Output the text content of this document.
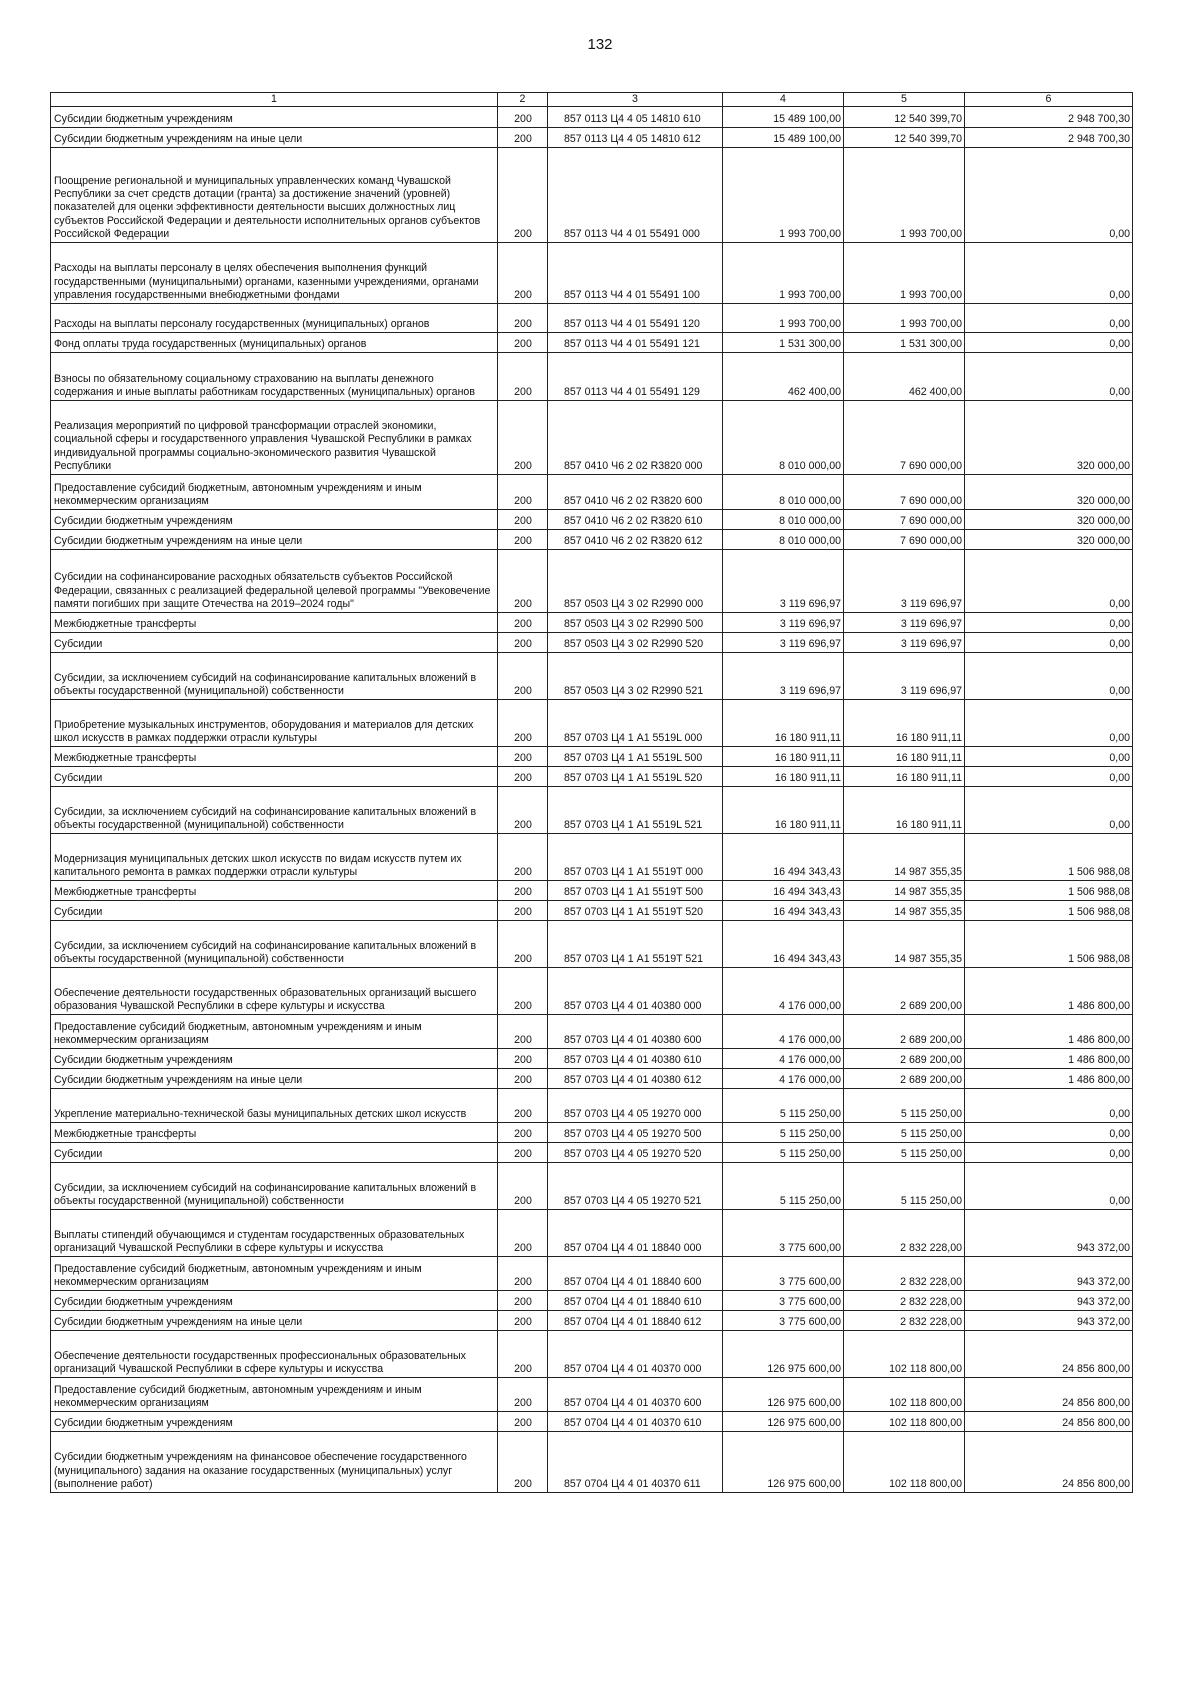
132
1	2	3	4	5	6
Субсидии бюджетным учреждениям	200	857 0113 Ц4 4 05 14810 610	15 489 100,00	12 540 399,70	2 948 700,30
Субсидии бюджетным учреждениям на иные цели	200	857 0113 Ц4 4 05 14810 612	15 489 100,00	12 540 399,70	2 948 700,30
Поощрение региональной и муниципальных управленческих команд Чувашской Республики за счет средств дотации (гранта) за достижение значений (уровней) показателей для оценки эффективности деятельности высших должностных лиц субъектов Российской Федерации и деятельности исполнительных органов субъектов Российской Федерации	200	857 0113 Ч4 4 01 55491 000	1 993 700,00	1 993 700,00	0,00
Расходы на выплаты персоналу в целях обеспечения выполнения функций государственными (муниципальными) органами, казенными учреждениями, органами управления государственными внебюджетными фондами	200	857 0113 Ч4 4 01 55491 100	1 993 700,00	1 993 700,00	0,00
Расходы на выплаты персоналу государственных (муниципальных) органов	200	857 0113 Ч4 4 01 55491 120	1 993 700,00	1 993 700,00	0,00
Фонд оплаты труда государственных (муниципальных) органов	200	857 0113 Ч4 4 01 55491 121	1 531 300,00	1 531 300,00	0,00
Взносы по обязательному социальному страхованию на выплаты денежного содержания и иные выплаты работникам государственных (муниципальных) органов	200	857 0113 Ч4 4 01 55491 129	462 400,00	462 400,00	0,00
Реализация мероприятий по цифровой трансформации отраслей экономики, социальной сферы и государственного управления Чувашской Республики в рамках индивидуальной программы социально-экономического развития Чувашской Республики	200	857 0410 Ч6 2 02 R3820 000	8 010 000,00	7 690 000,00	320 000,00
Предоставление субсидий бюджетным, автономным учреждениям и иным некоммерческим организациям	200	857 0410 Ч6 2 02 R3820 600	8 010 000,00	7 690 000,00	320 000,00
Субсидии бюджетным учреждениям	200	857 0410 Ч6 2 02 R3820 610	8 010 000,00	7 690 000,00	320 000,00
Субсидии бюджетным учреждениям на иные цели	200	857 0410 Ч6 2 02 R3820 612	8 010 000,00	7 690 000,00	320 000,00
Субсидии на софинансирование расходных обязательств субъектов Российской Федерации, связанных с реализацией федеральной целевой программы "Увековечение памяти погибших при защите Отечества на 2019–2024 годы"	200	857 0503 Ц4 3 02 R2990 000	3 119 696,97	3 119 696,97	0,00
Межбюджетные трансферты	200	857 0503 Ц4 3 02 R2990 500	3 119 696,97	3 119 696,97	0,00
Субсидии	200	857 0503 Ц4 3 02 R2990 520	3 119 696,97	3 119 696,97	0,00
Субсидии, за исключением субсидий на софинансирование капитальных вложений в объекты государственной (муниципальной) собственности	200	857 0503 Ц4 3 02 R2990 521	3 119 696,97	3 119 696,97	0,00
Приобретение музыкальных инструментов, оборудования и материалов для детских школ искусств в рамках поддержки отрасли культуры	200	857 0703 Ц4 1 A1 5519L 000	16 180 911,11	16 180 911,11	0,00
Межбюджетные трансферты	200	857 0703 Ц4 1 A1 5519L 500	16 180 911,11	16 180 911,11	0,00
Субсидии	200	857 0703 Ц4 1 A1 5519L 520	16 180 911,11	16 180 911,11	0,00
Субсидии, за исключением субсидий на софинансирование капитальных вложений в объекты государственной (муниципальной) собственности	200	857 0703 Ц4 1 A1 5519L 521	16 180 911,11	16 180 911,11	0,00
Модернизация муниципальных детских школ искусств по видам искусств путем их капитального ремонта в рамках поддержки отрасли культуры	200	857 0703 Ц4 1 A1 5519T 000	16 494 343,43	14 987 355,35	1 506 988,08
Межбюджетные трансферты	200	857 0703 Ц4 1 A1 5519T 500	16 494 343,43	14 987 355,35	1 506 988,08
Субсидии	200	857 0703 Ц4 1 A1 5519T 520	16 494 343,43	14 987 355,35	1 506 988,08
Субсидии, за исключением субсидий на софинансирование капитальных вложений в объекты государственной (муниципальной) собственности	200	857 0703 Ц4 1 A1 5519T 521	16 494 343,43	14 987 355,35	1 506 988,08
Обеспечение деятельности государственных образовательных организаций высшего образования Чувашской Республики в сфере культуры и искусства	200	857 0703 Ц4 4 01 40380 000	4 176 000,00	2 689 200,00	1 486 800,00
Предоставление субсидий бюджетным, автономным учреждениям и иным некоммерческим организациям	200	857 0703 Ц4 4 01 40380 600	4 176 000,00	2 689 200,00	1 486 800,00
Субсидии бюджетным учреждениям	200	857 0703 Ц4 4 01 40380 610	4 176 000,00	2 689 200,00	1 486 800,00
Субсидии бюджетным учреждениям на иные цели	200	857 0703 Ц4 4 01 40380 612	4 176 000,00	2 689 200,00	1 486 800,00
Укрепление материально-технической базы муниципальных детских школ искусств	200	857 0703 Ц4 4 05 19270 000	5 115 250,00	5 115 250,00	0,00
Межбюджетные трансферты	200	857 0703 Ц4 4 05 19270 500	5 115 250,00	5 115 250,00	0,00
Субсидии	200	857 0703 Ц4 4 05 19270 520	5 115 250,00	5 115 250,00	0,00
Субсидии, за исключением субсидий на софинансирование капитальных вложений в объекты государственной (муниципальной) собственности	200	857 0703 Ц4 4 05 19270 521	5 115 250,00	5 115 250,00	0,00
Выплаты стипендий обучающимся и студентам государственных образовательных организаций Чувашской Республики в сфере культуры и искусства	200	857 0704 Ц4 4 01 18840 000	3 775 600,00	2 832 228,00	943 372,00
Предоставление субсидий бюджетным, автономным учреждениям и иным некоммерческим организациям	200	857 0704 Ц4 4 01 18840 600	3 775 600,00	2 832 228,00	943 372,00
Субсидии бюджетным учреждениям	200	857 0704 Ц4 4 01 18840 610	3 775 600,00	2 832 228,00	943 372,00
Субсидии бюджетным учреждениям на иные цели	200	857 0704 Ц4 4 01 18840 612	3 775 600,00	2 832 228,00	943 372,00
Обеспечение деятельности государственных профессиональных образовательных организаций Чувашской Республики в сфере культуры и искусства	200	857 0704 Ц4 4 01 40370 000	126 975 600,00	102 118 800,00	24 856 800,00
Предоставление субсидий бюджетным, автономным учреждениям и иным некоммерческим организациям	200	857 0704 Ц4 4 01 40370 600	126 975 600,00	102 118 800,00	24 856 800,00
Субсидии бюджетным учреждениям	200	857 0704 Ц4 4 01 40370 610	126 975 600,00	102 118 800,00	24 856 800,00
Субсидии бюджетным учреждениям на финансовое обеспечение государственного (муниципального) задания на оказание государственных (муниципальных) услуг (выполнение работ)	200	857 0704 Ц4 4 01 40370 611	126 975 600,00	102 118 800,00	24 856 800,00
